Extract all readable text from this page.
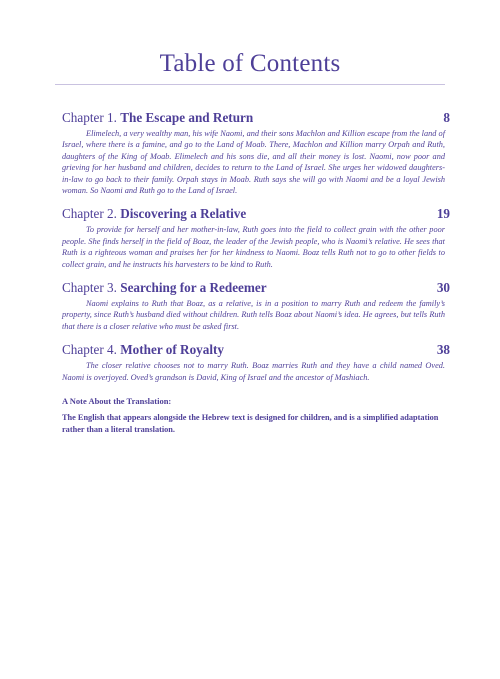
Table of Contents
Chapter 1. The Escape and Return	8

Elimelech, a very wealthy man, his wife Naomi, and their sons Machlon and Killion escape from the land of Israel, where there is a famine, and go to the Land of Moab. There, Machlon and Killion marry Orpah and Ruth, daughters of the King of Moab. Elimelech and his sons die, and all their money is lost. Naomi, now poor and grieving for her husband and children, decides to return to the Land of Israel. She urges her widowed daughters-in-law to go back to their family. Orpah stays in Moab. Ruth says she will go with Naomi and be a loyal Jewish woman. So Naomi and Ruth go to the Land of Israel.

Chapter 2. Discovering a Relative	19

To provide for herself and her mother-in-law, Ruth goes into the field to collect grain with the other poor people. She finds herself in the field of Boaz, the leader of the Jewish people, who is Naomi’s relative. He sees that Ruth is a righteous woman and praises her for her kindness to Naomi. Boaz tells Ruth not to go to other fields to collect grain, and he instructs his harvesters to be kind to Ruth.

Chapter 3. Searching for a Redeemer	30

Naomi explains to Ruth that Boaz, as a relative, is in a position to marry Ruth and redeem the family’s property, since Ruth’s husband died without children. Ruth tells Boaz about Naomi’s idea. He agrees, but tells Ruth that there is a closer relative who must be asked first.

Chapter 4. Mother of Royalty	38

The closer relative chooses not to marry Ruth. Boaz marries Ruth and they have a child named Oved. Naomi is overjoyed. Oved’s grandson is David, King of Israel and the ancestor of Mashiach.

A Note About the Translation:

The English that appears alongside the Hebrew text is designed for children, and is a simplified adaptation rather than a literal translation.
